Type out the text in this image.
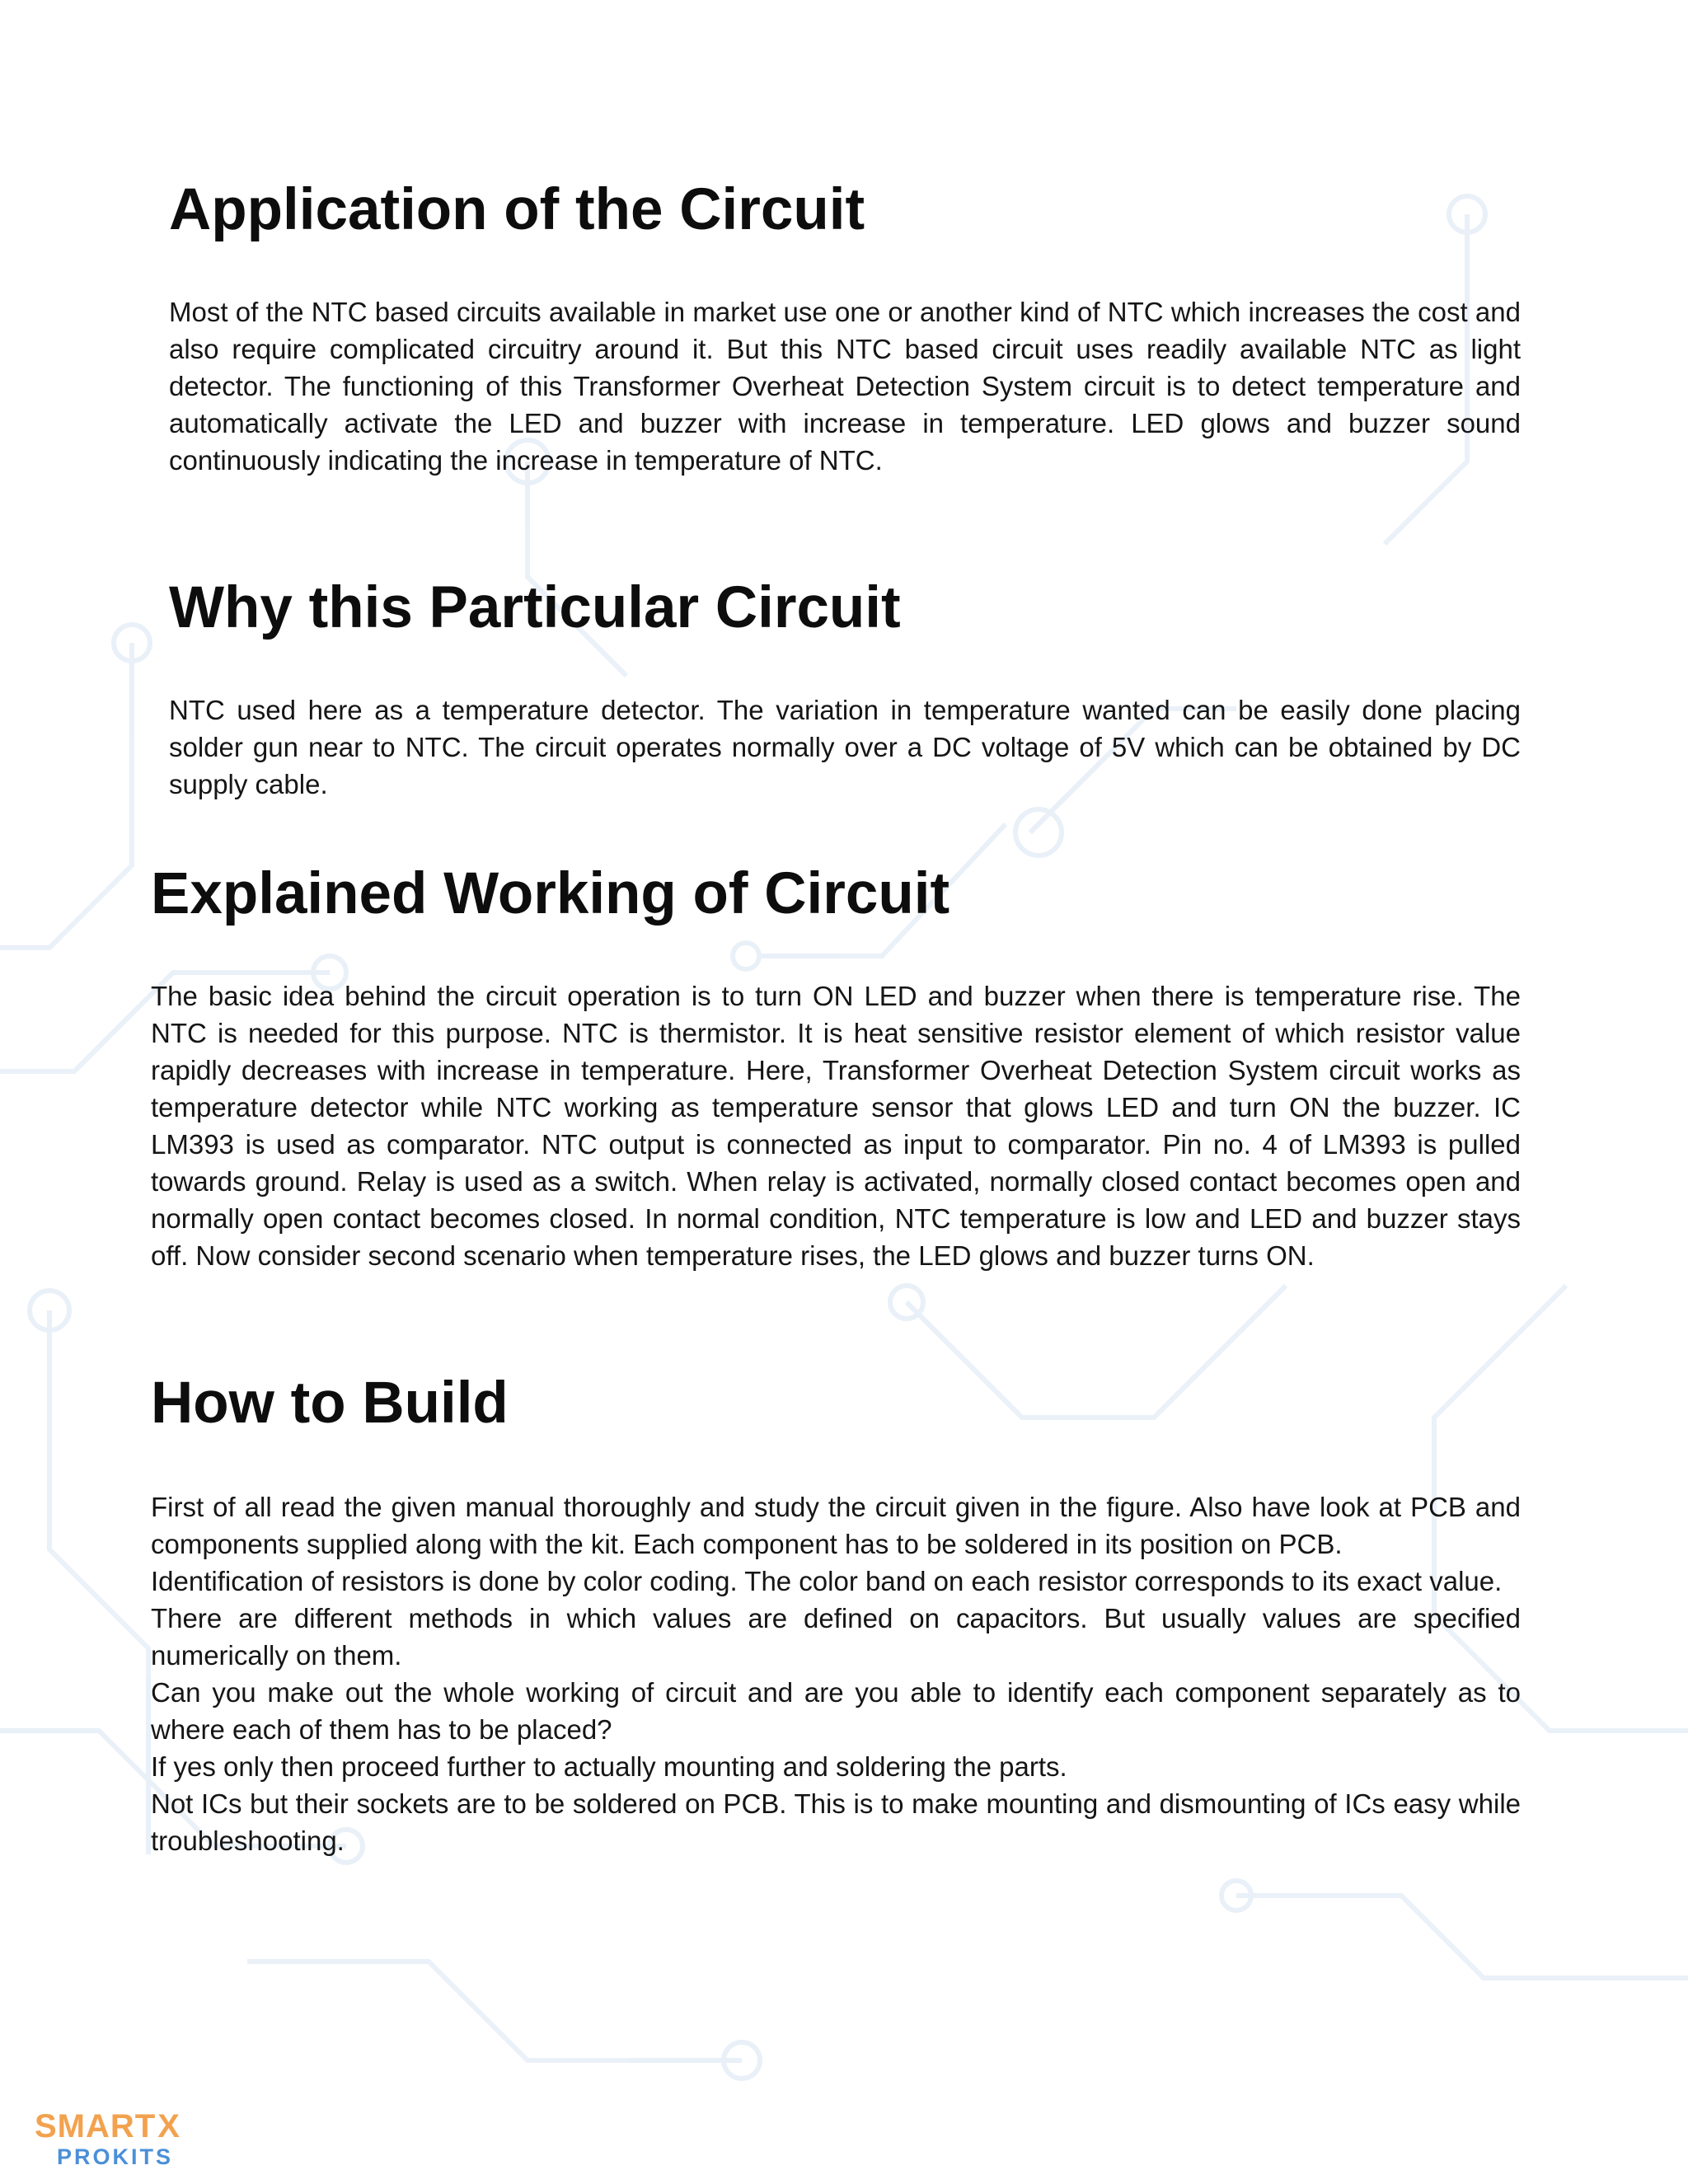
Application of the Circuit

Most of the NTC based circuits available in market use one or another kind of NTC which increases the cost and also require complicated circuitry around it. But this NTC based circuit uses readily available NTC as light detector. The functioning of this Transformer Overheat Detection System circuit is to detect temperature and automatically activate the LED and buzzer with increase in temperature. LED glows and buzzer sound continuously indicating the increase in temperature of NTC.

Why this Particular Circuit

NTC used here as a temperature detector. The variation in temperature wanted can be easily done placing solder gun near to NTC. The circuit operates normally over a DC voltage of 5V which can be obtained by DC supply cable.

Explained Working of Circuit

The basic idea behind the circuit operation is to turn ON LED and buzzer when there is temperature rise. The NTC is needed for this purpose. NTC is thermistor. It is heat sensitive resistor element of which resistor value rapidly decreases with increase in temperature. Here, Transformer Overheat Detection System circuit works as temperature detector while NTC working as temperature sensor that glows LED and turn ON the buzzer. IC LM393 is used as comparator. NTC output is connected as input to comparator. Pin no. 4 of LM393 is pulled towards ground. Relay is used as a switch. When relay is activated, normally closed contact becomes open and normally open contact becomes closed. In normal condition, NTC temperature is low and LED and buzzer stays off. Now consider second scenario when temperature rises, the LED glows and buzzer turns ON.

How to Build

First of all read the given manual thoroughly and study the circuit given in the figure. Also have look at PCB and components supplied along with the kit. Each component has to be soldered in its position on PCB.

Identification of resistors is done by color coding. The color band on each resistor corresponds to its exact value.

There are different methods in which values are defined on capacitors. But usually values are specified numerically on them.

Can you make out the whole working of circuit and are you able to identify each component separately as to where each of them has to be placed?

If yes only then proceed further to actually mounting and soldering the parts.

Not ICs but their sockets are to be soldered on PCB. This is to make mounting and dismounting of ICs easy while troubleshooting.

SMART X
PROKITS
